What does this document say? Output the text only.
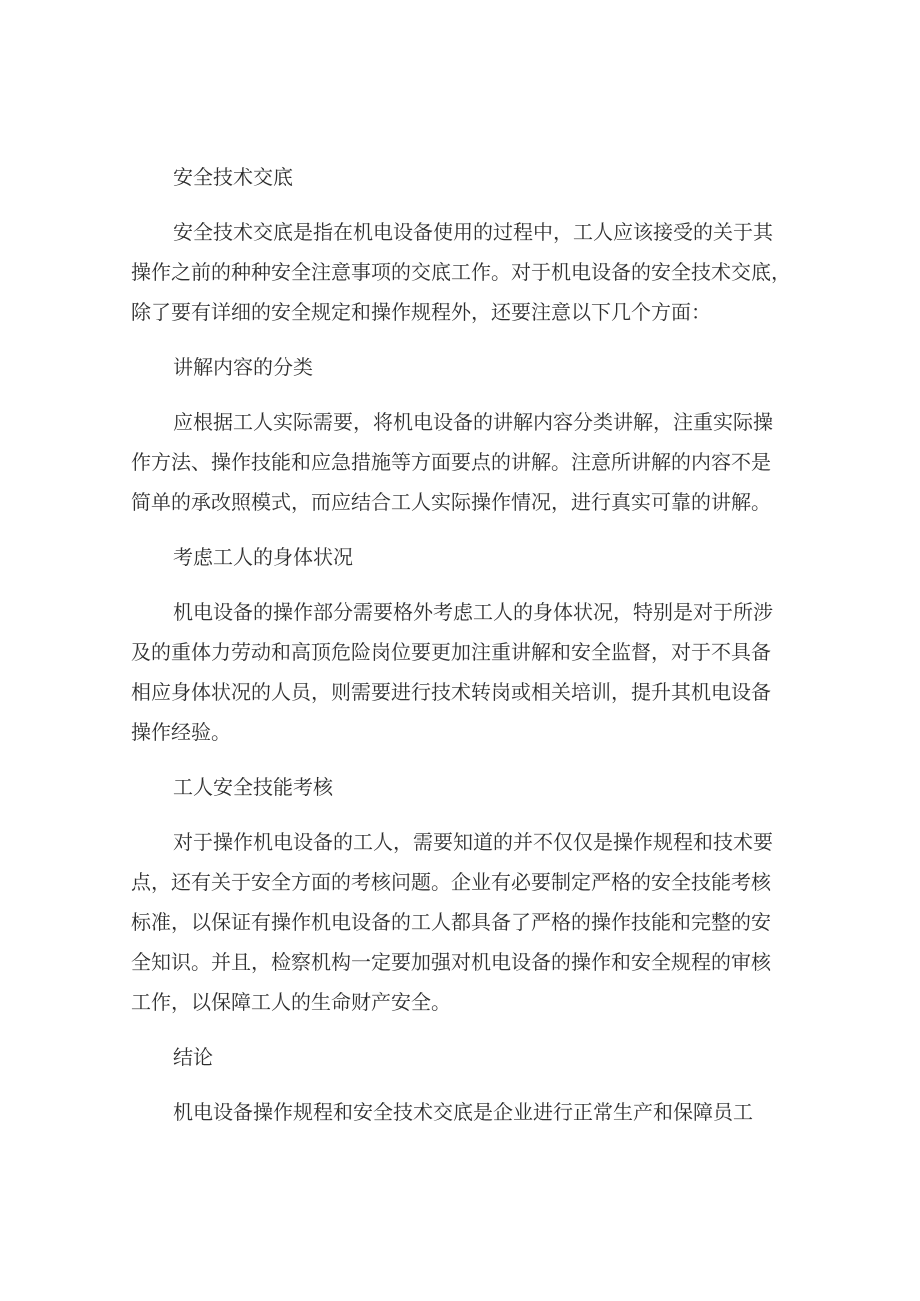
安全技术交底
安全技术交底是指在机电设备使用的过程中，工人应该接受的关于其
操作之前的种种安全注意事项的交底工作。对于机电设备的安全技术交底，
除了要有详细的安全规定和操作规程外，还要注意以下几个方面：
讲解内容的分类
应根据工人实际需要，将机电设备的讲解内容分类讲解，注重实际操
作方法、操作技能和应急措施等方面要点的讲解。注意所讲解的内容不是
简单的承改照模式，而应结合工人实际操作情况，进行真实可靠的讲解。
考虑工人的身体状况
机电设备的操作部分需要格外考虑工人的身体状况，特别是对于所涉
及的重体力劳动和高顶危险岗位要更加注重讲解和安全监督，对于不具备
相应身体状况的人员，则需要进行技术转岗或相关培训，提升其机电设备
操作经验。
工人安全技能考核
对于操作机电设备的工人，需要知道的并不仅仅是操作规程和技术要
点，还有关于安全方面的考核问题。企业有必要制定严格的安全技能考核
标准，以保证有操作机电设备的工人都具备了严格的操作技能和完整的安
全知识。并且，检察机构一定要加强对机电设备的操作和安全规程的审核
工作，以保障工人的生命财产安全。
结论
机电设备操作规程和安全技术交底是企业进行正常生产和保障员工
